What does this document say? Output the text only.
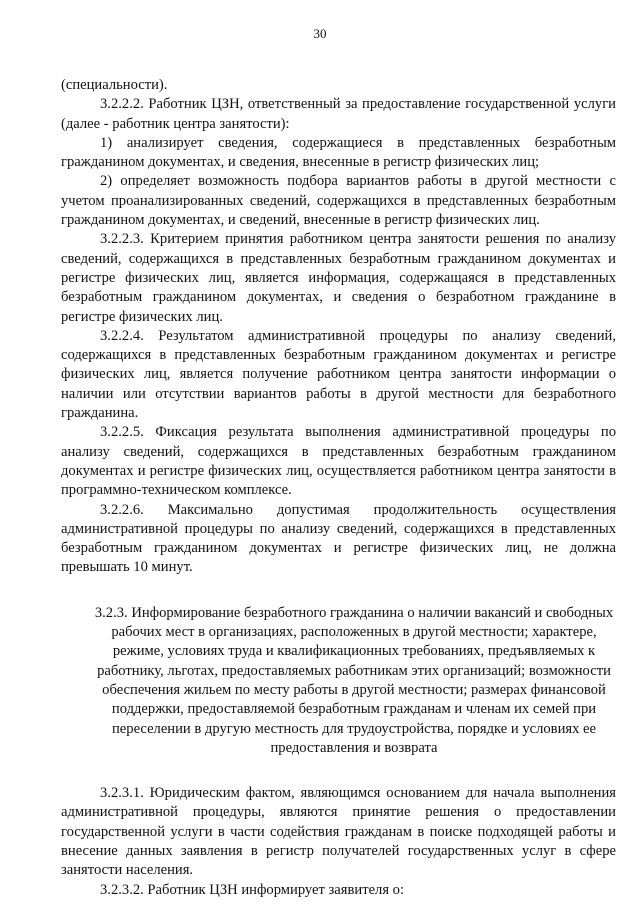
30

(специальности).

3.2.2.2. Работник ЦЗН, ответственный за предоставление государственной услуги (далее - работник центра занятости):

1) анализирует сведения, содержащиеся в представленных безработным гражданином документах, и сведения, внесенные в регистр физических лиц;

2) определяет возможность подбора вариантов работы в другой местности с учетом проанализированных сведений, содержащихся в представленных безработным гражданином документах, и сведений, внесенные в регистр физических лиц.

3.2.2.3. Критерием принятия работником центра занятости решения по анализу сведений, содержащихся в представленных безработным гражданином документах и регистре физических лиц, является информация, содержащаяся в представленных безработным гражданином документах, и сведения о безработном гражданине в регистре физических лиц.

3.2.2.4. Результатом административной процедуры по анализу сведений, содержащихся в представленных безработным гражданином документах и регистре физических лиц, является получение работником центра занятости информации о наличии или отсутствии вариантов работы в другой местности для безработного гражданина.

3.2.2.5. Фиксация результата выполнения административной процедуры по анализу сведений, содержащихся в представленных безработным гражданином документах и регистре физических лиц, осуществляется работником центра занятости в программно-техническом комплексе.

3.2.2.6. Максимально допустимая продолжительность осуществления административной процедуры по анализу сведений, содержащихся в представленных безработным гражданином документах и регистре физических лиц, не должна превышать 10 минут.

3.2.3. Информирование безработного гражданина о наличии вакансий и свободных рабочих мест в организациях, расположенных в другой местности; характере, режиме, условиях труда и квалификационных требованиях, предъявляемых к работнику, льготах, предоставляемых работникам этих организаций; возможности обеспечения жильем по месту работы в другой местности; размерах финансовой поддержки, предоставляемой безработным гражданам и членам их семей при переселении в другую местность для трудоустройства, порядке и условиях ее предоставления и возврата

3.2.3.1. Юридическим фактом, являющимся основанием для начала выполнения административной процедуры, являются принятие решения о предоставлении государственной услуги в части содействия гражданам в поиске подходящей работы и внесение данных заявления в регистр получателей государственных услуг в сфере занятости населения.

3.2.3.2. Работник ЦЗН информирует заявителя о:
